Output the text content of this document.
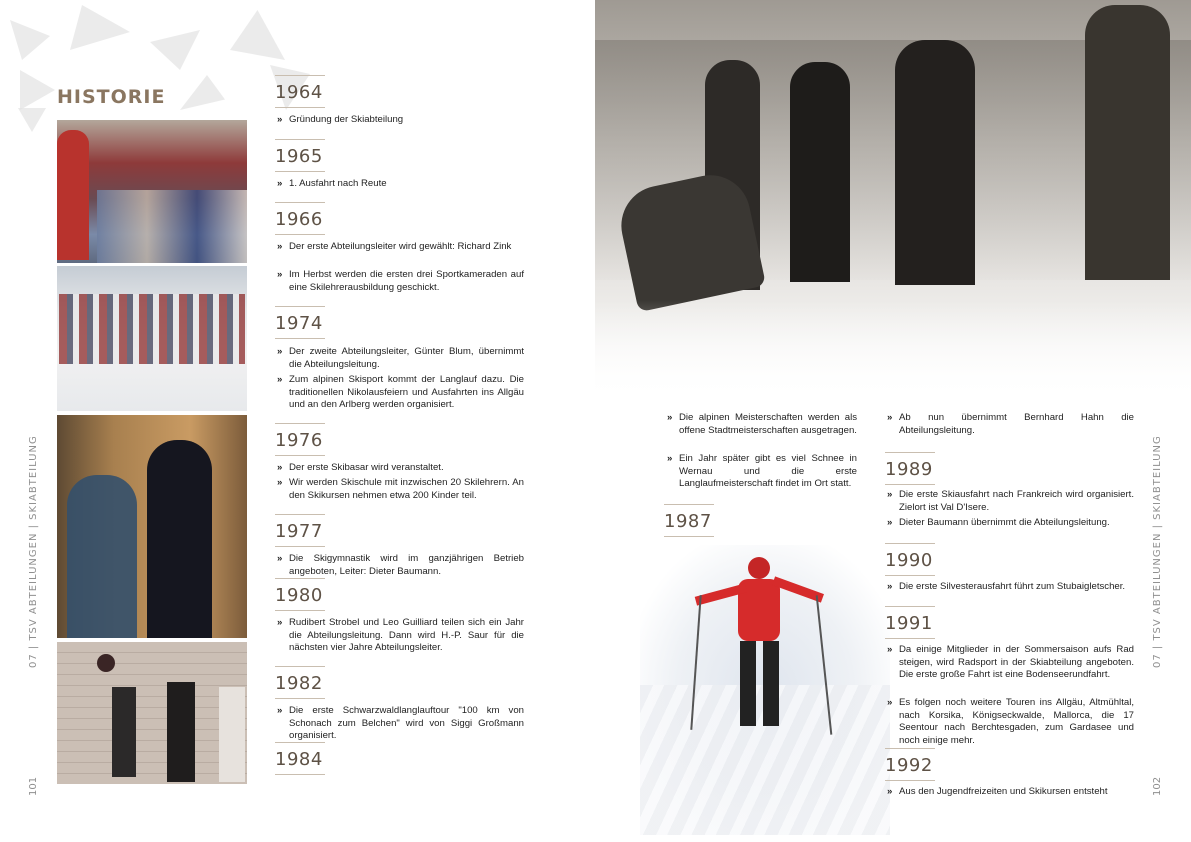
HISTORIE
07 | TSV ABTEILUNGEN | SKIABTEILUNG
101
1964
» Gründung der Skiabteilung
1965
» 1. Ausfahrt nach Reute
1966
» Der erste Abteilungsleiter wird gewählt: Richard Zink
» Im Herbst werden die ersten drei Sportkameraden auf eine Skilehrerausbildung geschickt.
1974
» Der zweite Abteilungsleiter, Günter Blum, übernimmt die Abteilungsleitung.
» Zum alpinen Skisport kommt der Langlauf dazu. Die traditionellen Nikolausfeiern und Ausfahrten ins Allgäu und an den Arlberg werden organisiert.
1976
» Der erste Skibasar wird veranstaltet.
» Wir werden Skischule mit inzwischen 20 Skilehrern. An den Skikursen nehmen etwa 200 Kinder teil.
1977
» Die Skigymnastik wird im ganzjährigen Betrieb angeboten, Leiter: Dieter Baumann.
1980
» Rudibert Strobel und Leo Guilliard teilen sich ein Jahr die Abteilungsleitung. Dann wird H.-P. Saur für die nächsten vier Jahre Abteilungsleiter.
1982
» Die erste Schwarzwaldlanglauftour "100 km von Schonach zum Belchen" wird von Siggi Großmann organisiert.
1984
» Die alpinen Meisterschaften werden als offene Stadtmeisterschaften ausgetragen.
» Ein Jahr später gibt es viel Schnee in Wernau und die erste Langlaufmeisterschaft findet im Ort statt.
1987
» Ab nun übernimmt Bernhard Hahn die Abteilungsleitung.
1989
» Die erste Skiausfahrt nach Frankreich wird organisiert. Zielort ist Val D'Isere.
» Dieter Baumann übernimmt die Abteilungsleitung.
1990
» Die erste Silvesterausfahrt führt zum Stubaigletscher.
1991
» Da einige Mitglieder in der Sommersaison aufs Rad steigen, wird Radsport in der Skiabteilung angeboten. Die erste große Fahrt ist eine Bodenseerundfahrt.
» Es folgen noch weitere Touren ins Allgäu, Altmühltal, nach Korsika, Königseckwalde, Mallorca, die 17 Seentour nach Berchtesgaden, zum Gardasee und noch einige mehr.
1992
» Aus den Jugendfreizeiten und Skikursen entsteht
07 | TSV ABTEILUNGEN | SKIABTEILUNG
102
